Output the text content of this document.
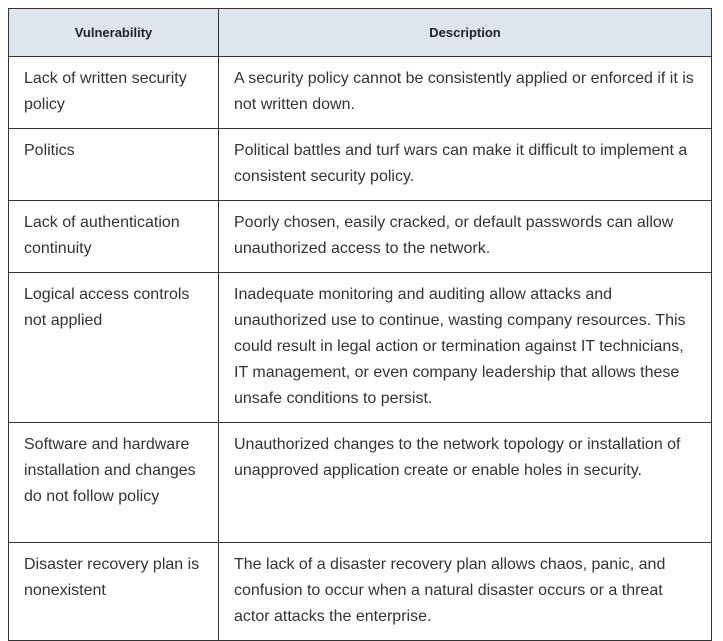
Vulnerability	Description
Lack of written security policy	A security policy cannot be consistently applied or enforced if it is not written down.
Politics	Political battles and turf wars can make it difficult to implement a consistent security policy.
Lack of authentication continuity	Poorly chosen, easily cracked, or default passwords can allow unauthorized access to the network.
Logical access controls not applied	Inadequate monitoring and auditing allow attacks and unauthorized use to continue, wasting company resources. This could result in legal action or termination against IT technicians, IT management, or even company leadership that allows these unsafe conditions to persist.
Software and hardware installation and changes do not follow policy	Unauthorized changes to the network topology or installation of unapproved application create or enable holes in security.
Disaster recovery plan is nonexistent	The lack of a disaster recovery plan allows chaos, panic, and confusion to occur when a natural disaster occurs or a threat actor attacks the enterprise.
